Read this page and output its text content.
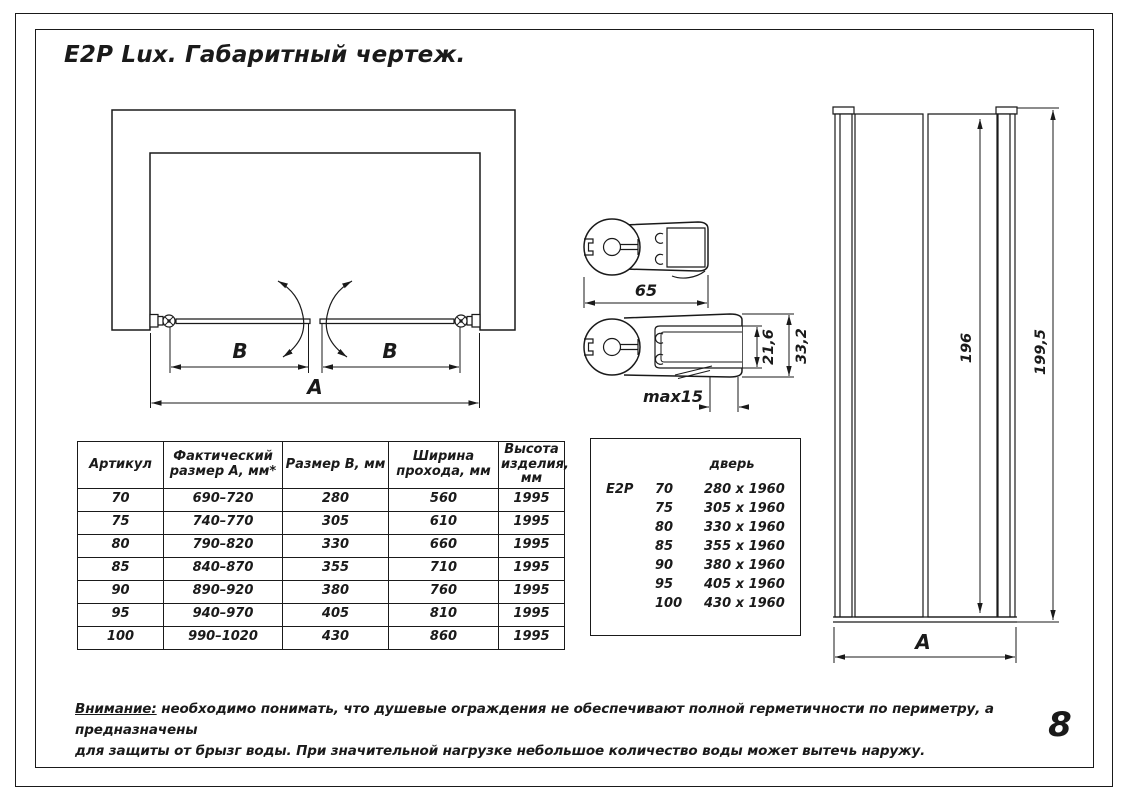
E2P Lux. Габаритный чертеж.
B	B
A
65
21,6 33,2
max15
196	199,5
A
Артикул	Фактический размер А, мм*	Размер В, мм	Ширина прохода, мм	Высота изделия, мм
70	690–720	280	560	1995
75	740–770	305	610	1995
80	790–820	330	660	1995
85	840–870	355	710	1995
90	890–920	380	760	1995
95	940–970	405	810	1995
100	990–1020	430	860	1995
дверь
E2P	70	280 x 1960
75	305 x 1960
80	330 x 1960
85	355 x 1960
90	380 x 1960
95	405 x 1960
100	430 x 1960
Внимание: необходимо понимать, что душевые ограждения не обеспечивают полной герметичности по периметру, а предназначены
для защиты от брызг воды. При значительной нагрузке небольшое количество воды может вытечь наружу.
8
